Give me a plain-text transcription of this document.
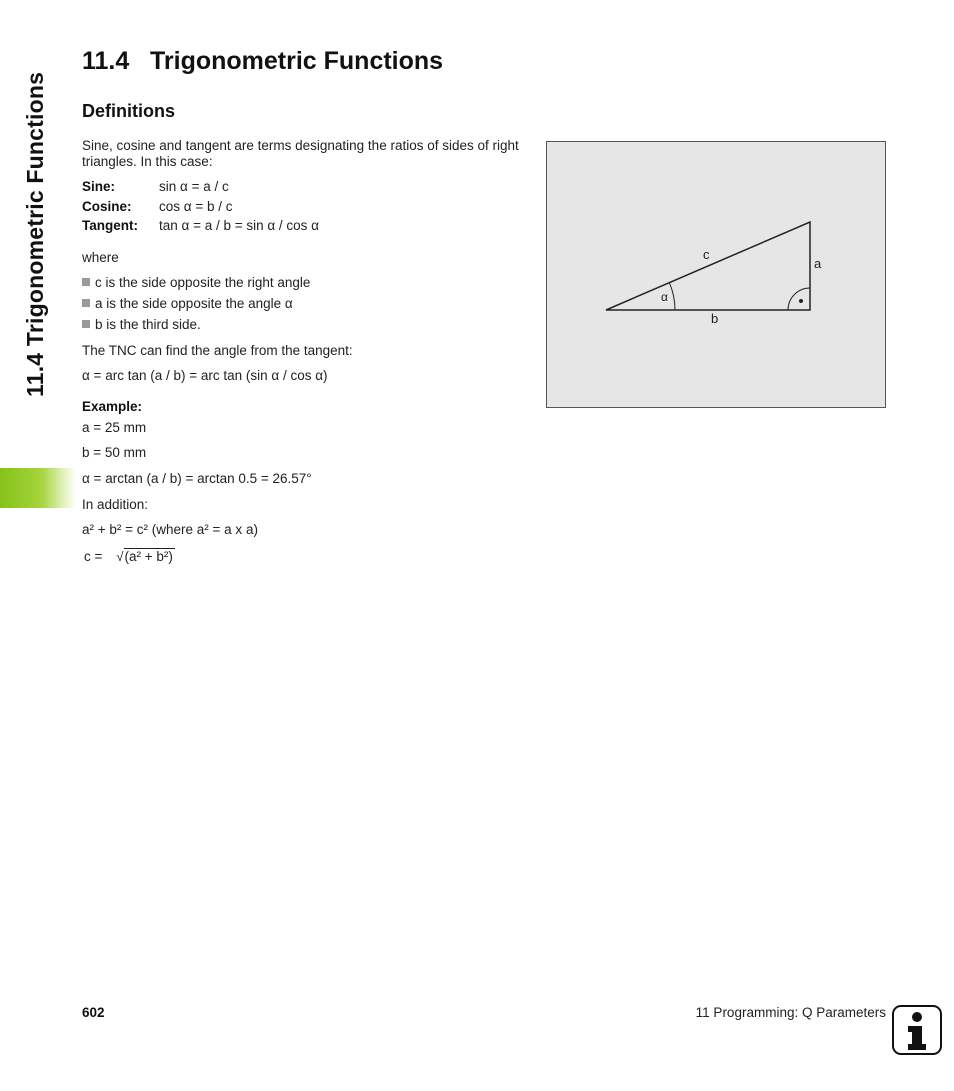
11.4 Trigonometric Functions
11.4 Trigonometric Functions
Definitions
Sine, cosine and tangent are terms designating the ratios of sides of right triangles. In this case:
Sine:	sin α = a / c
Cosine: cos α = b / c
Tangent: tan α = a / b = sin α / cos α
where
c is the side opposite the right angle
a is the side opposite the angle α
b is the third side.
The TNC can find the angle from the tangent:
α = arc tan (a / b) = arc tan (sin α / cos α)
Example:
a = 25 mm
b = 50 mm
α = arctan (a / b) = arctan 0.5 = 26.57°
In addition:
a² + b² = c² (where a² = a x a)
c = √(a² + b²)
c
a
b
α
602	11 Programming: Q Parameters
